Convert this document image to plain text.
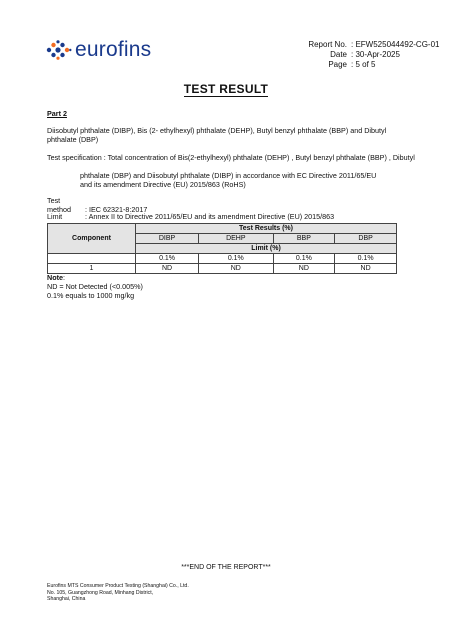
eurofins	Report No. : EFW525044492-CG-01
Date : 30-Apr-2025
Page : 5 of 5
TEST RESULT
Part 2
Diisobutyl phthalate (DIBP), Bis (2- ethylhexyl) phthalate (DEHP), Butyl benzyl phthalate (BBP) and Dibutyl phthalate (DBP)
Test specification : Total concentration of Bis(2-ethylhexyl) phthalate (DEHP) , Butyl benzyl phthalate (BBP) , Dibutyl
phthalate (DBP) and Diisobutyl phthalate (DIBP) in accordance with EC Directive 2011/65/EU
and its amendment Directive (EU) 2015/863 (RoHS)
Test method : IEC 62321-8:2017
Limit	: Annex II to Directive 2011/65/EU and its amendment Directive (EU) 2015/863
Component	Test Results (%)			
	DIBP	DEHP	BBP	DBP
	Limit (%)			
	0.1%	0.1%	0.1%	0.1%
1	ND	ND	ND	ND
Note:
ND = Not Detected (<0.005%)
0.1% equals to 1000 mg/kg
***END OF THE REPORT***
Eurofins MTS Consumer Product Testing (Shanghai) Co., Ltd.
No. 105, Guangzhong Road, Minhang District,
Shanghai, China
